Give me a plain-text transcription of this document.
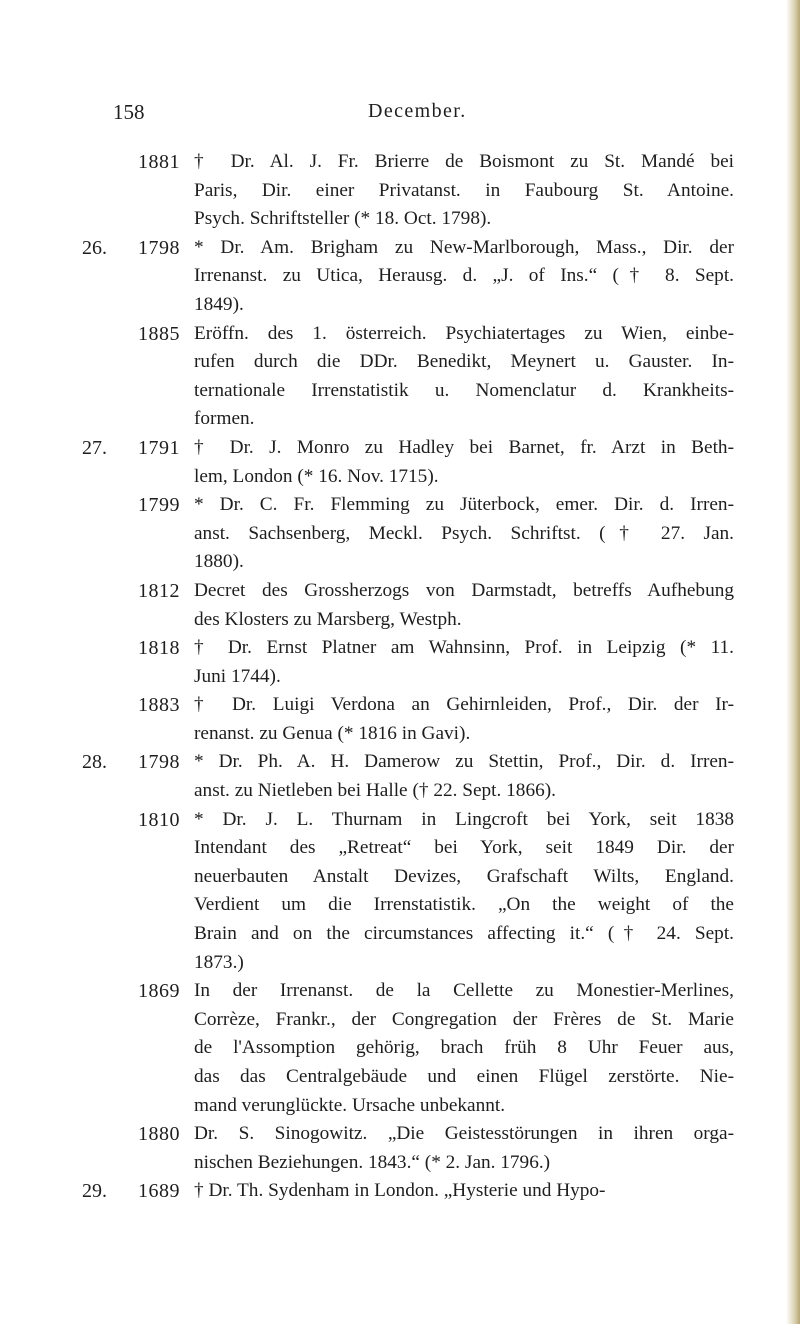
158	December.
1881 † Dr. Al. J. Fr. Brierre de Boismont zu St. Mandé bei
Paris, Dir. einer Privatanst. in Faubourg St. Antoine.
Psych. Schriftsteller (* 18. Oct. 1798).
26. 1798 * Dr. Am. Brigham zu New-Marlborough, Mass., Dir. der
Irrenanst. zu Utica, Herausg. d. „J. of Ins.“ († 8. Sept.
1849).
1885 Eröffn. des 1. österreich. Psychiatertages zu Wien, einbe-
rufen durch die DDr. Benedikt, Meynert u. Gauster. In-
ternationale Irrenstatistik u. Nomenclatur d. Krankheits-
formen.
27. 1791 † Dr. J. Monro zu Hadley bei Barnet, fr. Arzt in Beth-
lem, London (* 16. Nov. 1715).
1799 * Dr. C. Fr. Flemming zu Jüterbock, emer. Dir. d. Irren-
anst. Sachsenberg, Meckl. Psych. Schriftst. († 27. Jan.
1880).
1812 Decret des Grossherzogs von Darmstadt, betreffs Aufhebung
des Klosters zu Marsberg, Westph.
1818 † Dr. Ernst Platner am Wahnsinn, Prof. in Leipzig (* 11.
Juni 1744).
1883 † Dr. Luigi Verdona an Gehirnleiden, Prof., Dir. der Ir-
renanst. zu Genua (* 1816 in Gavi).
28. 1798 * Dr. Ph. A. H. Damerow zu Stettin, Prof., Dir. d. Irren-
anst. zu Nietleben bei Halle († 22. Sept. 1866).
1810 * Dr. J. L. Thurnam in Lingcroft bei York, seit 1838
Intendant des „Retreat“ bei York, seit 1849 Dir. der
neuerbauten Anstalt Devizes, Grafschaft Wilts, England.
Verdient um die Irrenstatistik. „On the weight of the
Brain and on the circumstances affecting it.“ († 24. Sept.
1873.)
1869 In der Irrenanst. de la Cellette zu Monestier-Merlines,
Corrèze, Frankr., der Congregation der Frères de St. Marie
de l'Assomption gehörig, brach früh 8 Uhr Feuer aus,
das das Centralgebäude und einen Flügel zerstörte. Nie-
mand verunglückte. Ursache unbekannt.
1880 Dr. S. Sinogowitz. „Die Geistesstörungen in ihren orga-
nischen Beziehungen. 1843.“ (* 2. Jan. 1796.)
29. 1689 † Dr. Th. Sydenham in London. „Hysterie und Hypo-
